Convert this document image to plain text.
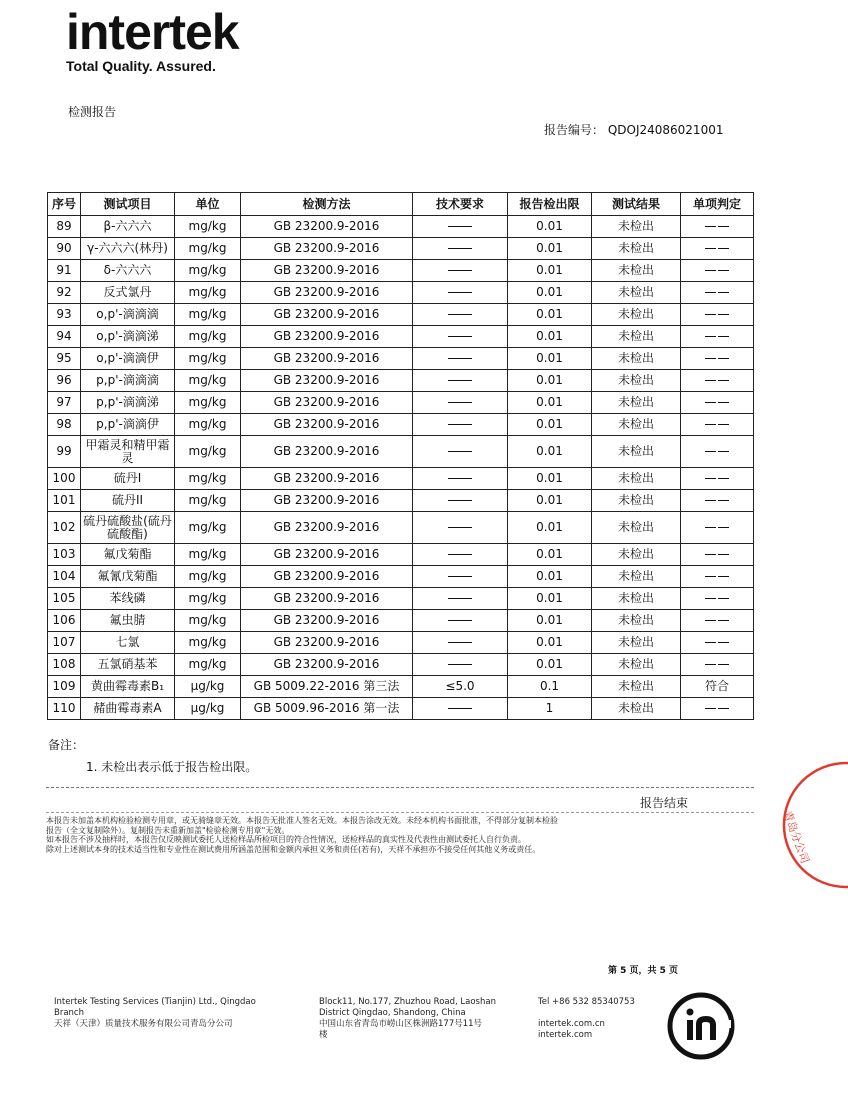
intertek
Total Quality. Assured.
检测报告
报告编号： QDOJ24086021001
序号	测试项目	单位	检测方法	技术要求	报告检出限	测试结果	单项判定
89	β-六六六	mg/kg	GB 23200.9-2016		0.01	未检出	
90	γ-六六六(林丹)	mg/kg	GB 23200.9-2016		0.01	未检出	
91	δ-六六六	mg/kg	GB 23200.9-2016		0.01	未检出	
92	反式氯丹	mg/kg	GB 23200.9-2016		0.01	未检出	
93	o,p'-滴滴滴	mg/kg	GB 23200.9-2016		0.01	未检出	
94	o,p'-滴滴涕	mg/kg	GB 23200.9-2016		0.01	未检出	
95	o,p'-滴滴伊	mg/kg	GB 23200.9-2016		0.01	未检出	
96	p,p'-滴滴滴	mg/kg	GB 23200.9-2016		0.01	未检出	
97	p,p'-滴滴涕	mg/kg	GB 23200.9-2016		0.01	未检出	
98	p,p'-滴滴伊	mg/kg	GB 23200.9-2016		0.01	未检出	
99	甲霜灵和精甲霜灵	mg/kg	GB 23200.9-2016		0.01	未检出	
100	硫丹I	mg/kg	GB 23200.9-2016		0.01	未检出	
101	硫丹II	mg/kg	GB 23200.9-2016		0.01	未检出	
102	硫丹硫酸盐(硫丹硫酸酯)	mg/kg	GB 23200.9-2016		0.01	未检出	
103	氟戊菊酯	mg/kg	GB 23200.9-2016		0.01	未检出	
104	氟氰戊菊酯	mg/kg	GB 23200.9-2016		0.01	未检出	
105	苯线磷	mg/kg	GB 23200.9-2016		0.01	未检出	
106	氟虫腈	mg/kg	GB 23200.9-2016		0.01	未检出	
107	七氯	mg/kg	GB 23200.9-2016		0.01	未检出	
108	五氯硝基苯	mg/kg	GB 23200.9-2016		0.01	未检出	
109	黄曲霉毒素B₁	μg/kg	GB 5009.22-2016 第三法	≤5.0	0.1	未检出	符合
110	赭曲霉毒素A	μg/kg	GB 5009.96-2016 第一法		1	未检出	
备注：
1. 未检出表示低于报告检出限。
报告结束
本报告未加盖本机构检验检测专用章，或无骑缝章无效。本报告无批准人签名无效。本报告涂改无效。未经本机构书面批准，不得部分复制本检验
报告（全文复制除外）。复制报告未重新加盖"检验检测专用章"无效。
如本报告不涉及抽样时，本报告仅反映测试委托人送检样品所检项目的符合性情况，送检样品的真实性及代表性由测试委托人自行负责。
除对上述测试本身的技术适当性和专业性在测试费用所涵盖范围和金额内承担义务和责任(若有)，天祥不承担亦不接受任何其他义务或责任。	青岛分公司
第 5 页，共 5 页
Intertek Testing Services (Tianjin) Ltd., Qingdao
Branch
天祥（天津）质量技术服务有限公司青岛分公司
Block11, No.177, Zhuzhou Road, Laoshan
District Qingdao, Shandong, China
中国山东省青岛市崂山区株洲路177号11号
楼
Tel +86 532 85340753
intertek.com.cn
intertek.com
